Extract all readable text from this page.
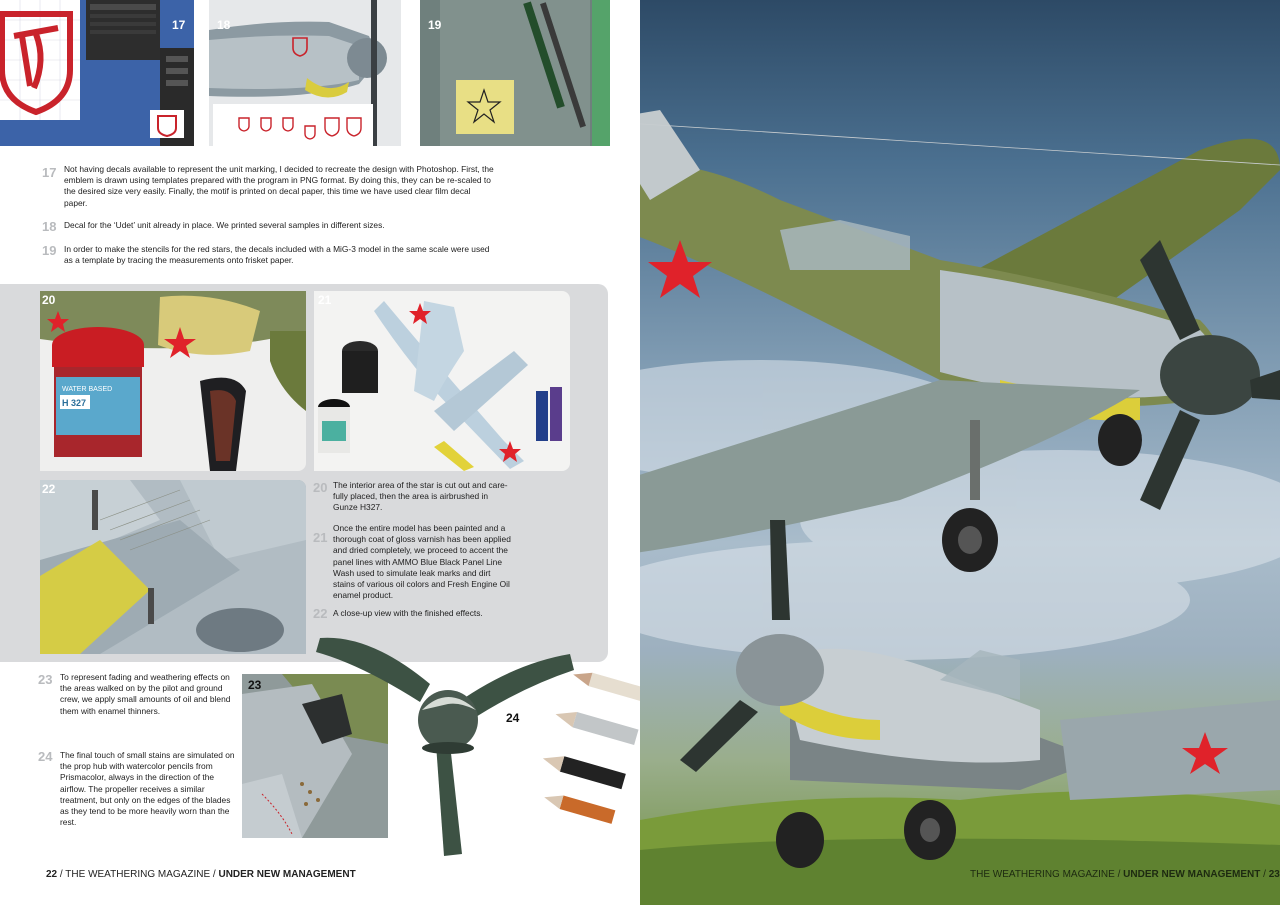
17	18	19
17 Not having decals available to represent the unit marking, I decided to recreate the design with Photoshop. First, the emblem is drawn using templates prepared with the program in PNG format. By doing this, they can be re-scaled to the desired size very easily. Finally, the motif is printed on decal paper, this time we have used clear film decal paper.

18 Decal for the ‘Udet’ unit already in place. We printed several samples in different sizes.

19 In order to make the stencils for the red stars, the decals included with a MiG-3 model in the same scale were used as a template by tracing the measurements onto frisket paper.

WATER BASED
H 327
20	21
22	20 The interior area of the star is cut out and care-fully placed, then the area is airbrushed in Gunze H327.

21

Once the entire model has been painted and a thorough coat of gloss varnish has been applied and dried completely, we proceed to accent the panel lines with AMMO Blue Black Panel Line Wash used to simulate leak marks and dirt stains of various oil colors and Fresh Engine Oil enamel product.

22 A close-up view with the finished effects.

23 To represent fading and weathering effects on the areas walked on by the pilot and ground crew, we apply small amounts of oil and blend them with enamel thinners.

24 The final touch of small stains are simulated on the prop hub with watercolor pencils from Prismacolor, always in the direction of the airflow. The propeller receives a similar treatment, but only on the edges of the blades as they tend to be more heavily worn than the rest.

23
24
22 / THE WEATHERING MAGAZINE / UNDER NEW MANAGEMENT	THE WEATHERING MAGAZINE / UNDER NEW MANAGEMENT / 23
